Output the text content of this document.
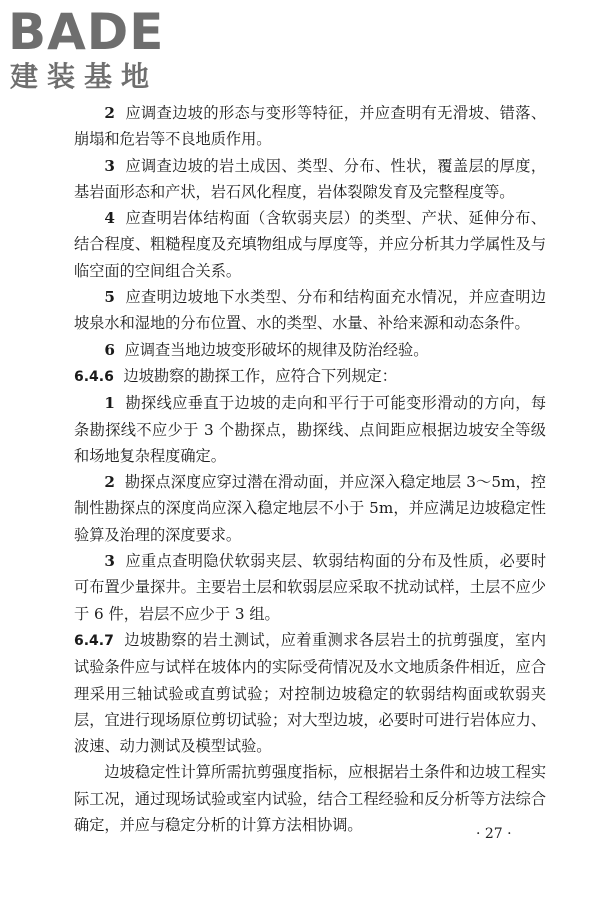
BADE
建装基地

2 应调查边坡的形态与变形等特征，并应查明有无滑坡、错落、崩塌和危岩等不良地质作用。

3 应调查边坡的岩土成因、类型、分布、性状，覆盖层的厚度，基岩面形态和产状，岩石风化程度，岩体裂隙发育及完整程度等。

4 应查明岩体结构面（含软弱夹层）的类型、产状、延伸分布、结合程度、粗糙程度及充填物组成与厚度等，并应分析其力学属性及与临空面的空间组合关系。

5 应查明边坡地下水类型、分布和结构面充水情况，并应查明边坡泉水和湿地的分布位置、水的类型、水量、补给来源和动态条件。

6 应调查当地边坡变形破坏的规律及防治经验。

6.4.6 边坡勘察的勘探工作，应符合下列规定：

1 勘探线应垂直于边坡的走向和平行于可能变形滑动的方向，每条勘探线不应少于 3 个勘探点，勘探线、点间距应根据边坡安全等级和场地复杂程度确定。

2 勘探点深度应穿过潜在滑动面，并应深入稳定地层 3～5m，控制性勘探点的深度尚应深入稳定地层不小于 5m，并应满足边坡稳定性验算及治理的深度要求。

3 应重点查明隐伏软弱夹层、软弱结构面的分布及性质，必要时可布置少量探井。主要岩土层和软弱层应采取不扰动试样，土层不应少于 6 件，岩层不应少于 3 组。

6.4.7 边坡勘察的岩土测试，应着重测求各层岩土的抗剪强度，室内试验条件应与试样在坡体内的实际受荷情况及水文地质条件相近，应合理采用三轴试验或直剪试验；对控制边坡稳定的软弱结构面或软弱夹层，宜进行现场原位剪切试验；对大型边坡，必要时可进行岩体应力、波速、动力测试及模型试验。

边坡稳定性计算所需抗剪强度指标，应根据岩土条件和边坡工程实际工况，通过现场试验或室内试验，结合工程经验和反分析等方法综合确定，并应与稳定分析的计算方法相协调。	· 27 ·
